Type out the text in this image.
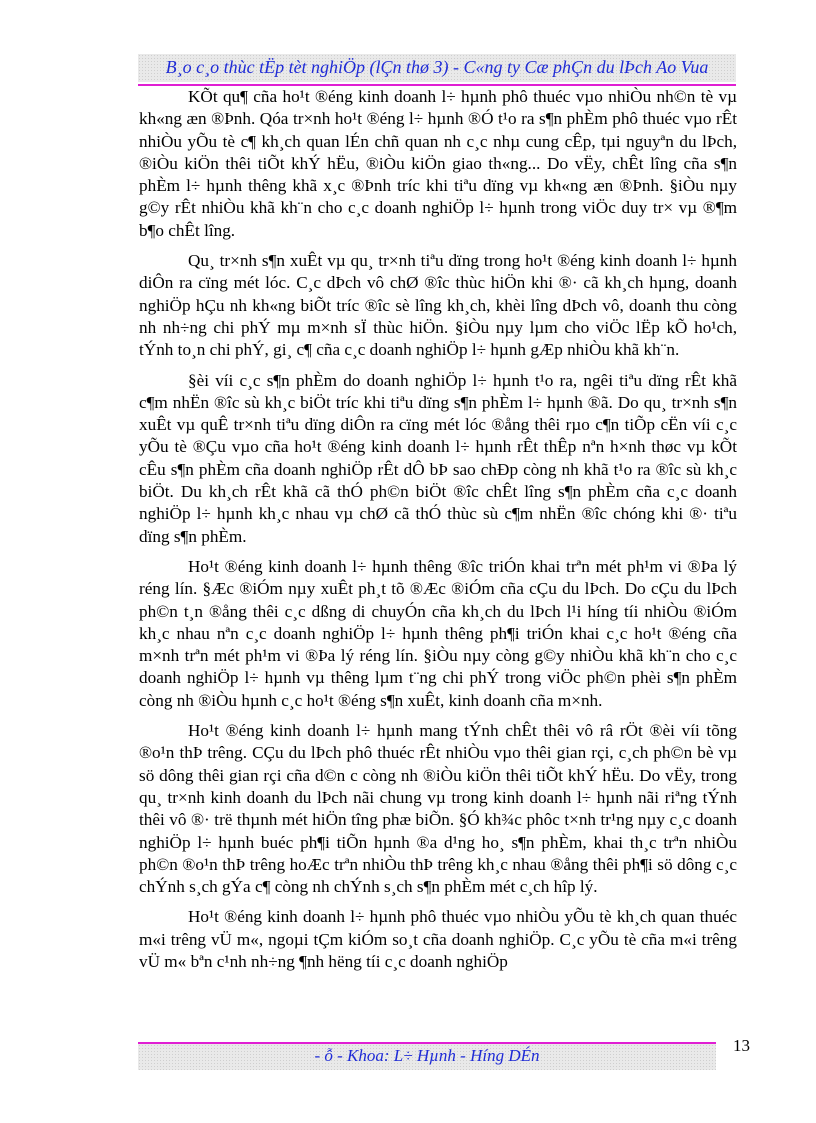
B¸o c¸o thùc tËp tèt nghiÖp (lÇn thø 3) - C«ng ty Cæ phÇn du lÞch Ao Vua

KÕt qu¶ cña ho¹t ®éng kinh doanh l÷ hµnh phô thuéc vµo nhiÒu nh©n tè vµ kh«ng æn ®Þnh. Qóa tr×nh ho¹t ®éng l÷ hµnh ®Ó t¹o ra s¶n phÈm phô thuéc vµo rÊt nhiÒu yÕu tè c¶ kh¸ch quan lÉn chñ quan nh c¸c nhµ cung cÊp, tµi nguyªn du lÞch, ®iÒu kiÖn thêi tiÕt khÝ hËu, ®iÒu kiÖn giao th«ng... Do vËy, chÊt lîng cña s¶n phÈm l÷ hµnh thêng khã x¸c ®Þnh tríc khi tiªu dïng vµ kh«ng æn ®Þnh. §iÒu nµy g©y rÊt nhiÒu khã kh¨n cho c¸c doanh nghiÖp l÷ hµnh trong viÖc duy tr× vµ ®¶m b¶o chÊt lîng.

Qu¸ tr×nh s¶n xuÊt vµ qu¸ tr×nh tiªu dïng trong ho¹t ®éng kinh doanh l÷ hµnh diÔn ra cïng mét lóc. C¸c dÞch vô chØ ®îc thùc hiÖn khi ®· cã kh¸ch hµng, doanh nghiÖp hÇu nh kh«ng biÕt tríc ®îc sè lîng kh¸ch, khèi lîng dÞch vô, doanh thu còng nh nh÷ng chi phÝ mµ m×nh sÏ thùc hiÖn. §iÒu nµy lµm cho viÖc lËp kÕ ho¹ch, tÝnh to¸n chi phÝ, gi¸ c¶ cña c¸c doanh nghiÖp l÷ hµnh gÆp nhiÒu khã kh¨n.

§èi víi c¸c s¶n phÈm do doanh nghiÖp l÷ hµnh t¹o ra, ngêi tiªu dïng rÊt khã c¶m nhËn ®îc sù kh¸c biÖt tríc khi tiªu dïng s¶n phÈm l÷ hµnh ®ã. Do qu¸ tr×nh s¶n xuÊt vµ quÊ tr×nh tiªu dïng diÔn ra cïng mét lóc ®ång thêi rµo c¶n tiÕp cËn víi c¸c yÕu tè ®Çu vµo cña ho¹t ®éng kinh doanh l÷ hµnh rÊt thÊp nªn h×nh thøc vµ kÕt cÊu s¶n phÈm cña doanh nghiÖp rÊt dÔ bÞ sao chÐp còng nh khã t¹o ra ®îc sù kh¸c biÖt. Du kh¸ch rÊt khã cã thÓ ph©n biÖt ®îc chÊt lîng s¶n phÈm cña c¸c doanh nghiÖp l÷ hµnh kh¸c nhau vµ chØ cã thÓ thùc sù c¶m nhËn ®îc chóng khi ®· tiªu dïng s¶n phÈm.

Ho¹t ®éng kinh doanh l÷ hµnh thêng ®îc triÓn khai trªn mét ph¹m vi ®Þa lý réng lín. §Æc ®iÓm nµy xuÊt ph¸t tõ ®Æc ®iÓm cña cÇu du lÞch. Do cÇu du lÞch ph©n t¸n ®ång thêi c¸c dßng di chuyÓn cña kh¸ch du lÞch l¹i híng tíi nhiÒu ®iÓm kh¸c nhau nªn c¸c doanh nghiÖp l÷ hµnh thêng ph¶i triÓn khai c¸c ho¹t ®éng cña m×nh trªn mét ph¹m vi ®Þa lý réng lín. §iÒu nµy còng g©y nhiÒu khã kh¨n cho c¸c doanh nghiÖp l÷ hµnh vµ thêng lµm t¨ng chi phÝ trong viÖc ph©n phèi s¶n phÈm còng nh ®iÒu hµnh c¸c ho¹t ®éng s¶n xuÊt, kinh doanh cña m×nh.

Ho¹t ®éng kinh doanh l÷ hµnh mang tÝnh chÊt thêi vô râ rÖt ®èi víi tõng ®o¹n thÞ trêng. CÇu du lÞch phô thuéc rÊt nhiÒu vµo thêi gian rçi, c¸ch ph©n bè vµ sö dông thêi gian rçi cña d©n c còng nh ®iÒu kiÖn thêi tiÕt khÝ hËu. Do vËy, trong qu¸ tr×nh kinh doanh du lÞch nãi chung vµ trong kinh doanh l÷ hµnh nãi riªng tÝnh thêi vô ®· trë thµnh mét hiÖn tîng phæ biÕn. §Ó kh¾c phôc t×nh tr¹ng nµy c¸c doanh nghiÖp l÷ hµnh buéc ph¶i tiÕn hµnh ®a d¹ng ho¸ s¶n phÈm, khai th¸c trªn nhiÒu ph©n ®o¹n thÞ trêng hoÆc trªn nhiÒu thÞ trêng kh¸c nhau ®ång thêi ph¶i sö dông c¸c chÝnh s¸ch gÝa c¶ còng nh chÝnh s¸ch s¶n phÈm mét c¸ch hîp lý.

Ho¹t ®éng kinh doanh l÷ hµnh phô thuéc vµo nhiÒu yÕu tè kh¸ch quan thuéc m«i trêng vÜ m«, ngoµi tÇm kiÓm so¸t cña doanh nghiÖp. C¸c yÕu tè cña m«i trêng vÜ m« bªn c¹nh nh÷ng ¶nh hëng tíi c¸c doanh nghiÖp

- ỗ - Khoa: L÷ Hµnh - Híng DÉn
13
